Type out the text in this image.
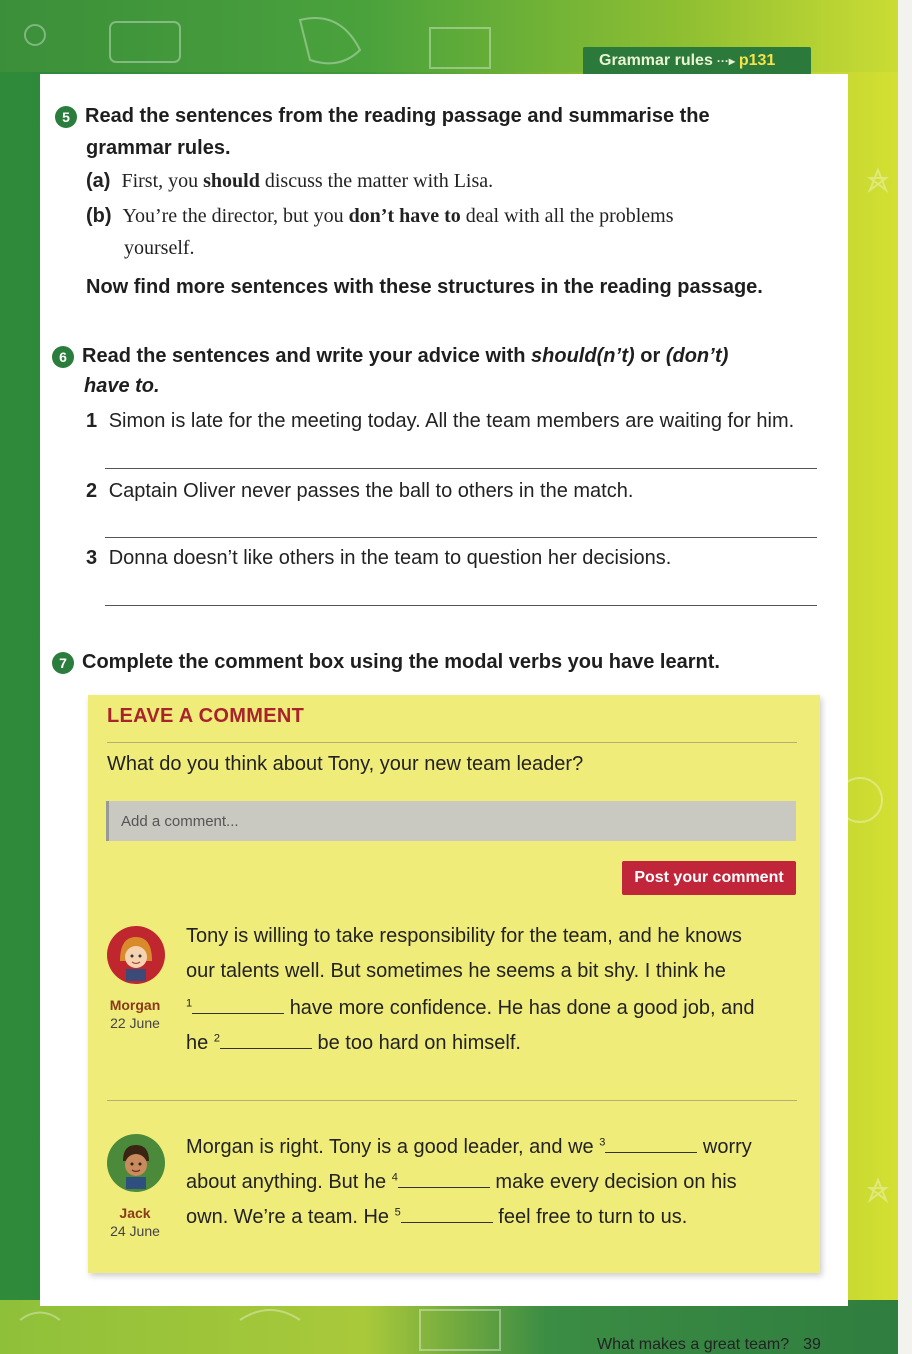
Grammar rules ···▸ p131
5 Read the sentences from the reading passage and summarise the
grammar rules.
(a) First, you should discuss the matter with Lisa.
(b) You’re the director, but you don’t have to deal with all the problems
yourself.
Now find more sentences with these structures in the reading passage.
6 Read the sentences and write your advice with should(n’t) or (don’t)
have to.
1 Simon is late for the meeting today. All the team members are waiting for him.
2 Captain Oliver never passes the ball to others in the match.
3 Donna doesn’t like others in the team to question her decisions.
7 Complete the comment box using the modal verbs you have learnt.
LEAVE A COMMENT
What do you think about Tony, your new team leader?
Add a comment...
Post your comment
Morgan
22 June
Tony is willing to take responsibility for the team, and he knows
our talents well. But sometimes he seems a bit shy. I think he
$^1$	have more confidence. He has done a good job, and
he $^2$	be too hard on himself.
Jack
24 June
Morgan is right. Tony is a good leader, and we $^3$	worry
about anything. But he $^4$	make every decision on his
own. We’re a team. He $^5$	feel free to turn to us.
What makes a great team? 39
